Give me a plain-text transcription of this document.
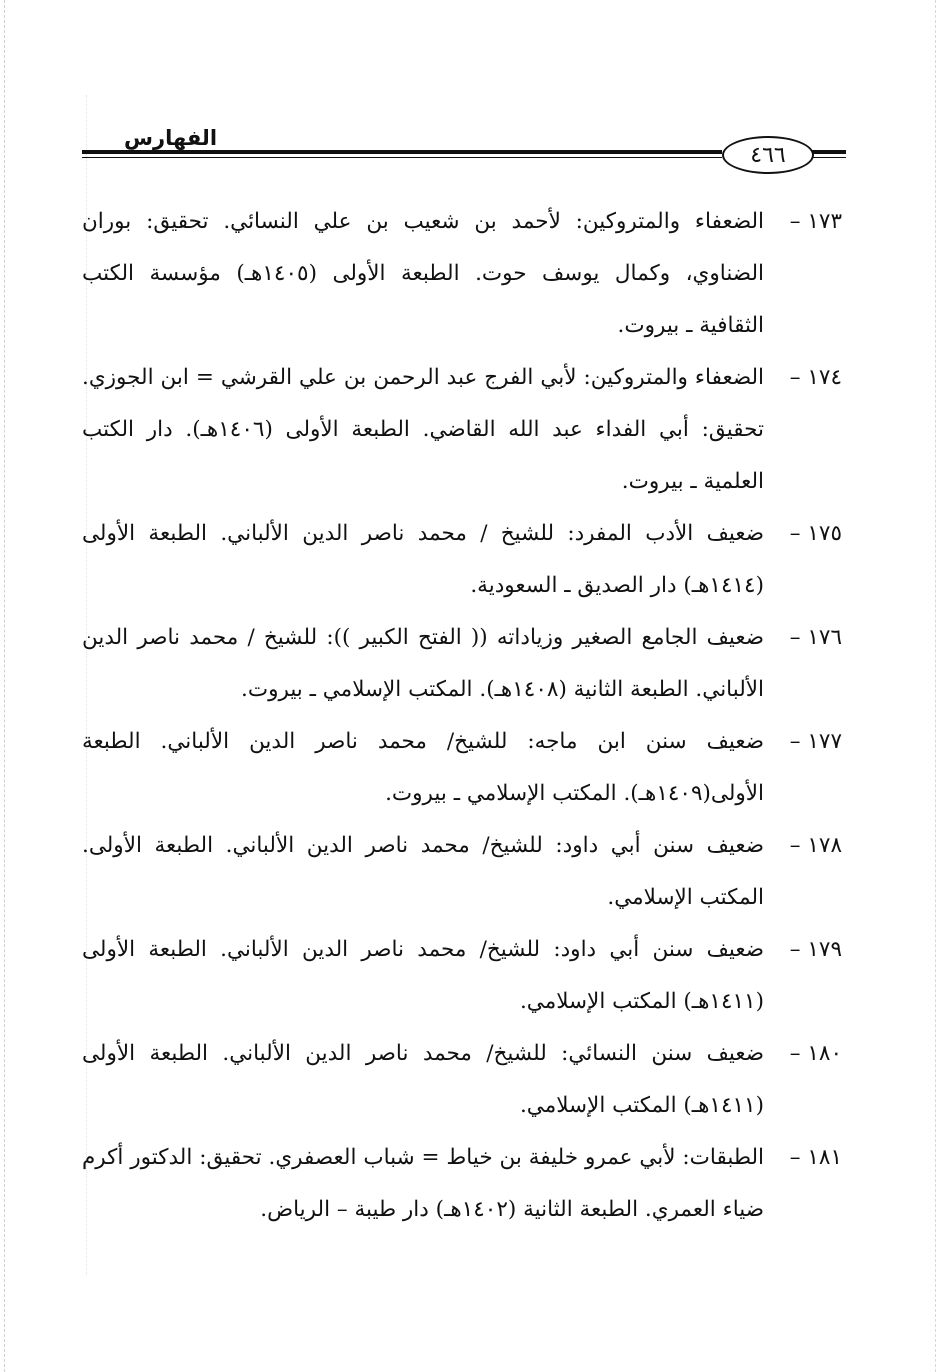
الفهارس
٤٦٦

١٧٣ –
الضعفاء والمتروكين: لأحمد بن شعيب بن علي النسائي. تحقيق: بوران الضناوي، وكمال يوسف حوت. الطبعة الأولى (١٤٠٥هـ) مؤسسة الكتب الثقافية ـ بيروت.

١٧٤ –
الضعفاء والمتروكين: لأبي الفرج عبد الرحمن بن علي القرشي = ابن الجوزي. تحقيق: أبي الفداء عبد الله القاضي. الطبعة الأولى (١٤٠٦هـ). دار الكتب العلمية ـ بيروت.

١٧٥ –
ضعيف الأدب المفرد: للشيخ / محمد ناصر الدين الألباني. الطبعة الأولى (١٤١٤هـ) دار الصديق ـ السعودية.

١٧٦ –
ضعيف الجامع الصغير وزياداته (( الفتح الكبير )): للشيخ / محمد ناصر الدين الألباني. الطبعة الثانية (١٤٠٨هـ). المكتب الإسلامي ـ بيروت.

١٧٧ –
ضعيف سنن ابن ماجه: للشيخ/ محمد ناصر الدين الألباني. الطبعة الأولى(١٤٠٩هـ). المكتب الإسلامي ـ بيروت.

١٧٨ –
ضعيف سنن أبي داود: للشيخ/ محمد ناصر الدين الألباني. الطبعة الأولى. المكتب الإسلامي.

١٧٩ –
ضعيف سنن أبي داود: للشيخ/ محمد ناصر الدين الألباني. الطبعة الأولى (١٤١١هـ) المكتب الإسلامي.

١٨٠ –
ضعيف سنن النسائي: للشيخ/ محمد ناصر الدين الألباني. الطبعة الأولى (١٤١١هـ) المكتب الإسلامي.

١٨١ –
الطبقات: لأبي عمرو خليفة بن خياط = شباب العصفري. تحقيق: الدكتور أكرم ضياء العمري. الطبعة الثانية (١٤٠٢هـ) دار طيبة – الرياض.
